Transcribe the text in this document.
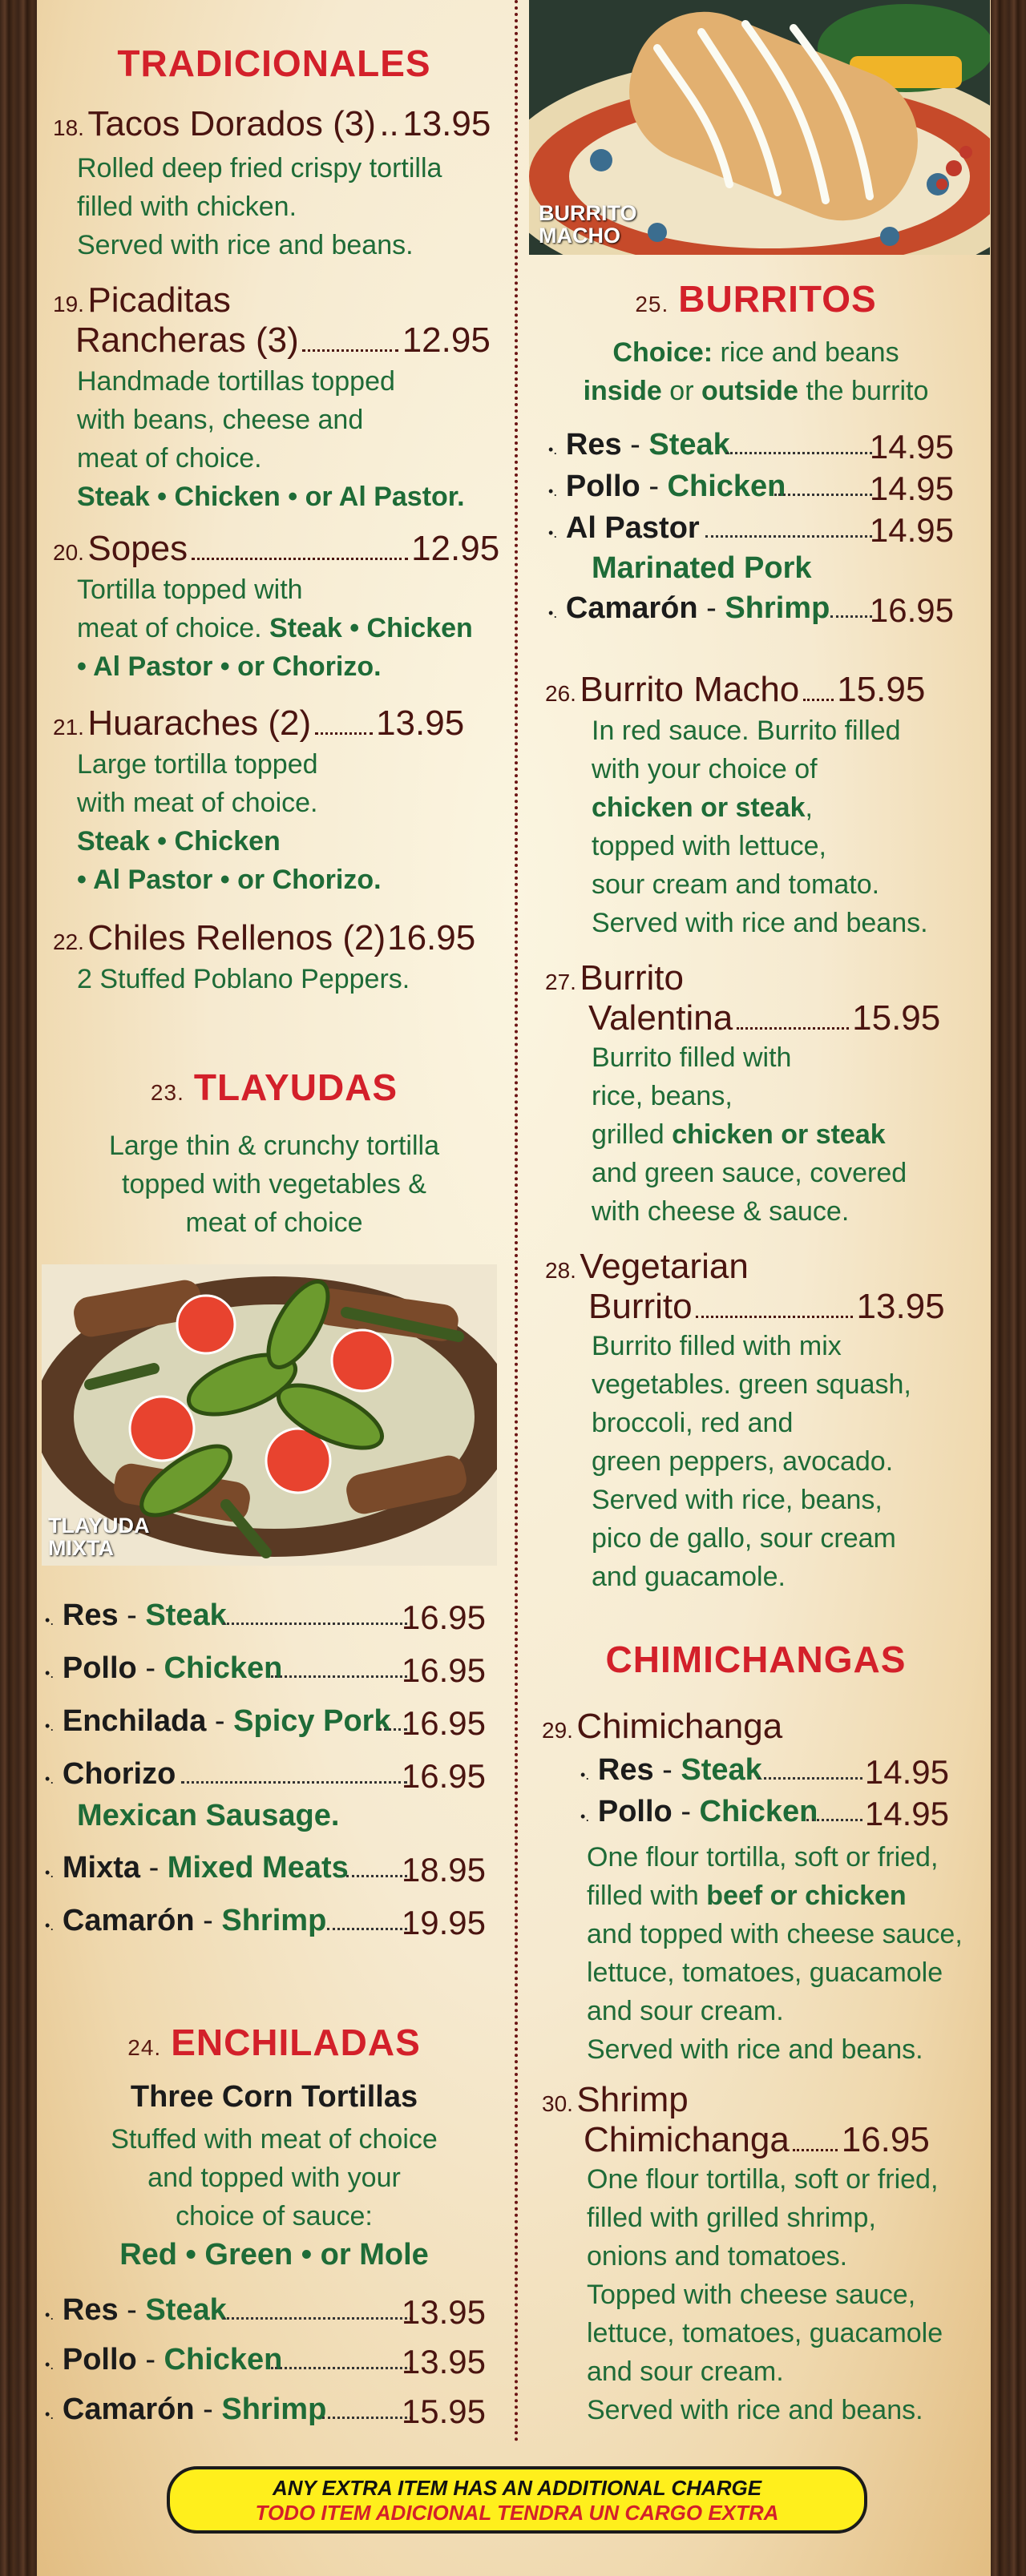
TRADICIONALES
18. Tacos Dorados (3) .. 13.95
Rolled deep fried crispy tortilla
filled with chicken.
Served with rice and beans.
19. Picaditas
Rancheras (3)	12.95
Handmade tortillas topped
with beans, cheese and
meat of choice.
Steak • Chicken • or Al Pastor.
20. Sopes	12.95
Tortilla topped with
meat of choice. Steak • Chicken
• Al Pastor • or Chorizo.
21. Huaraches (2) 13.95
Large tortilla topped
with meat of choice.
Steak • Chicken
• Al Pastor • or Chorizo.
22. Chiles Rellenos (2)16.95
2 Stuffed Poblano Peppers.
23. TLAYUDAS
Large thin & crunchy tortilla
topped with vegetables &
meat of choice
TLAYUDA
MIXTA
•. Res - Steak	16.95
•. Pollo - Chicken	16.95
•. Enchilada - Spicy Pork 16.95
•. Chorizo	16.95
Mexican Sausage.
•. Mixta - Mixed Meats 18.95
•. Camarón - Shrimp 19.95
24. ENCHILADAS
Three Corn Tortillas
Stuffed with meat of choice
and topped with your
choice of sauce:
Red • Green • or Mole
•. Res - Steak	13.95
•. Pollo - Chicken	13.95
•. Camarón - Shrimp 15.95
BURRITO
MACHO
25. BURRITOS
Choice: rice and beans
inside or outside the burrito
•. Res - Steak	14.95
•. Pollo - Chicken 14.95
•. Al Pastor	14.95
Marinated Pork
•. Camarón - Shrimp 16.95
26. Burrito Macho 15.95
In red sauce. Burrito filled
with your choice of
chicken or steak,
topped with lettuce,
sour cream and tomato.
Served with rice and beans.
27. Burrito
Valentina	15.95
Burrito filled with
rice, beans,
grilled chicken or steak
and green sauce, covered
with cheese & sauce.
28. Vegetarian
Burrito	13.95
Burrito filled with mix
vegetables. green squash,
broccoli, red and
green peppers, avocado.
Served with rice, beans,
pico de gallo, sour cream
and guacamole.
CHIMICHANGAS
29. Chimichanga
•. Res - Steak	14.95
•. Pollo - Chicken 14.95
One flour tortilla, soft or fried,
filled with beef or chicken
and topped with cheese sauce,
lettuce, tomatoes, guacamole
and sour cream.
Served with rice and beans.
30. Shrimp
Chimichanga 16.95
One flour tortilla, soft or fried,
filled with grilled shrimp,
onions and tomatoes.
Topped with cheese sauce,
lettuce, tomatoes, guacamole
and sour cream.
Served with rice and beans.
ANY EXTRA ITEM HAS AN ADDITIONAL CHARGE
TODO ITEM ADICIONAL TENDRA UN CARGO EXTRA
